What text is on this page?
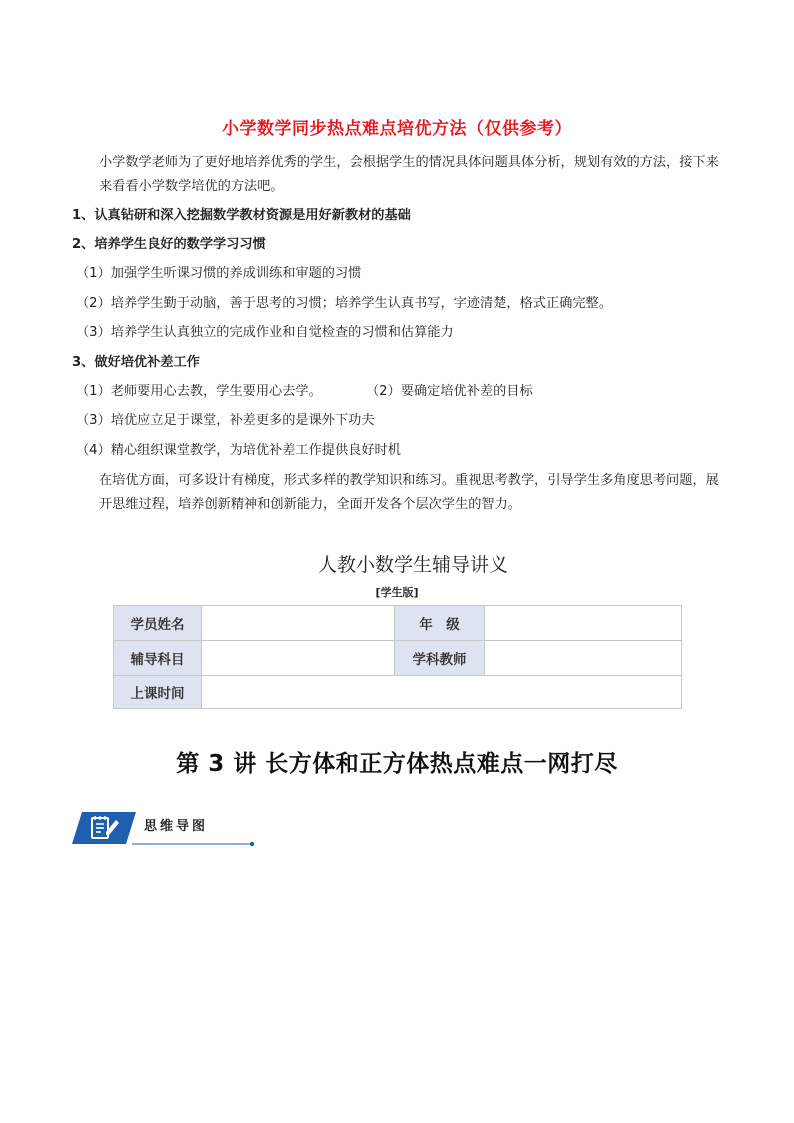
小学数学同步热点难点培优方法（仅供参考）
小学数学老师为了更好地培养优秀的学生，会根据学生的情况具体问题具体分析，规划有效的方法，接下来来看看小学数学培优的方法吧。
1、认真钻研和深入挖掘数学教材资源是用好新教材的基础
2、培养学生良好的数学学习习惯
（1）加强学生听课习惯的养成训练和审题的习惯
（2）培养学生勤于动脑，善于思考的习惯；培养学生认真书写，字迹清楚，格式正确完整。
（3）培养学生认真独立的完成作业和自觉检查的习惯和估算能力
3、做好培优补差工作
（1）老师要用心去教，学生要用心去学。	（2）要确定培优补差的目标
（3）培优应立足于课堂，补差更多的是课外下功夫
（4）精心组织课堂教学，为培优补差工作提供良好时机
在培优方面，可多设计有梯度，形式多样的教学知识和练习。重视思考教学，引导学生多角度思考问题，展开思维过程，培养创新精神和创新能力，全面开发各个层次学生的智力。
人教小数学生辅导讲义
[学生版]
学员姓名		年　级	
辅导科目		学科教师	
上课时间			
第 3 讲 长方体和正方体热点难点一网打尽
思维导图
